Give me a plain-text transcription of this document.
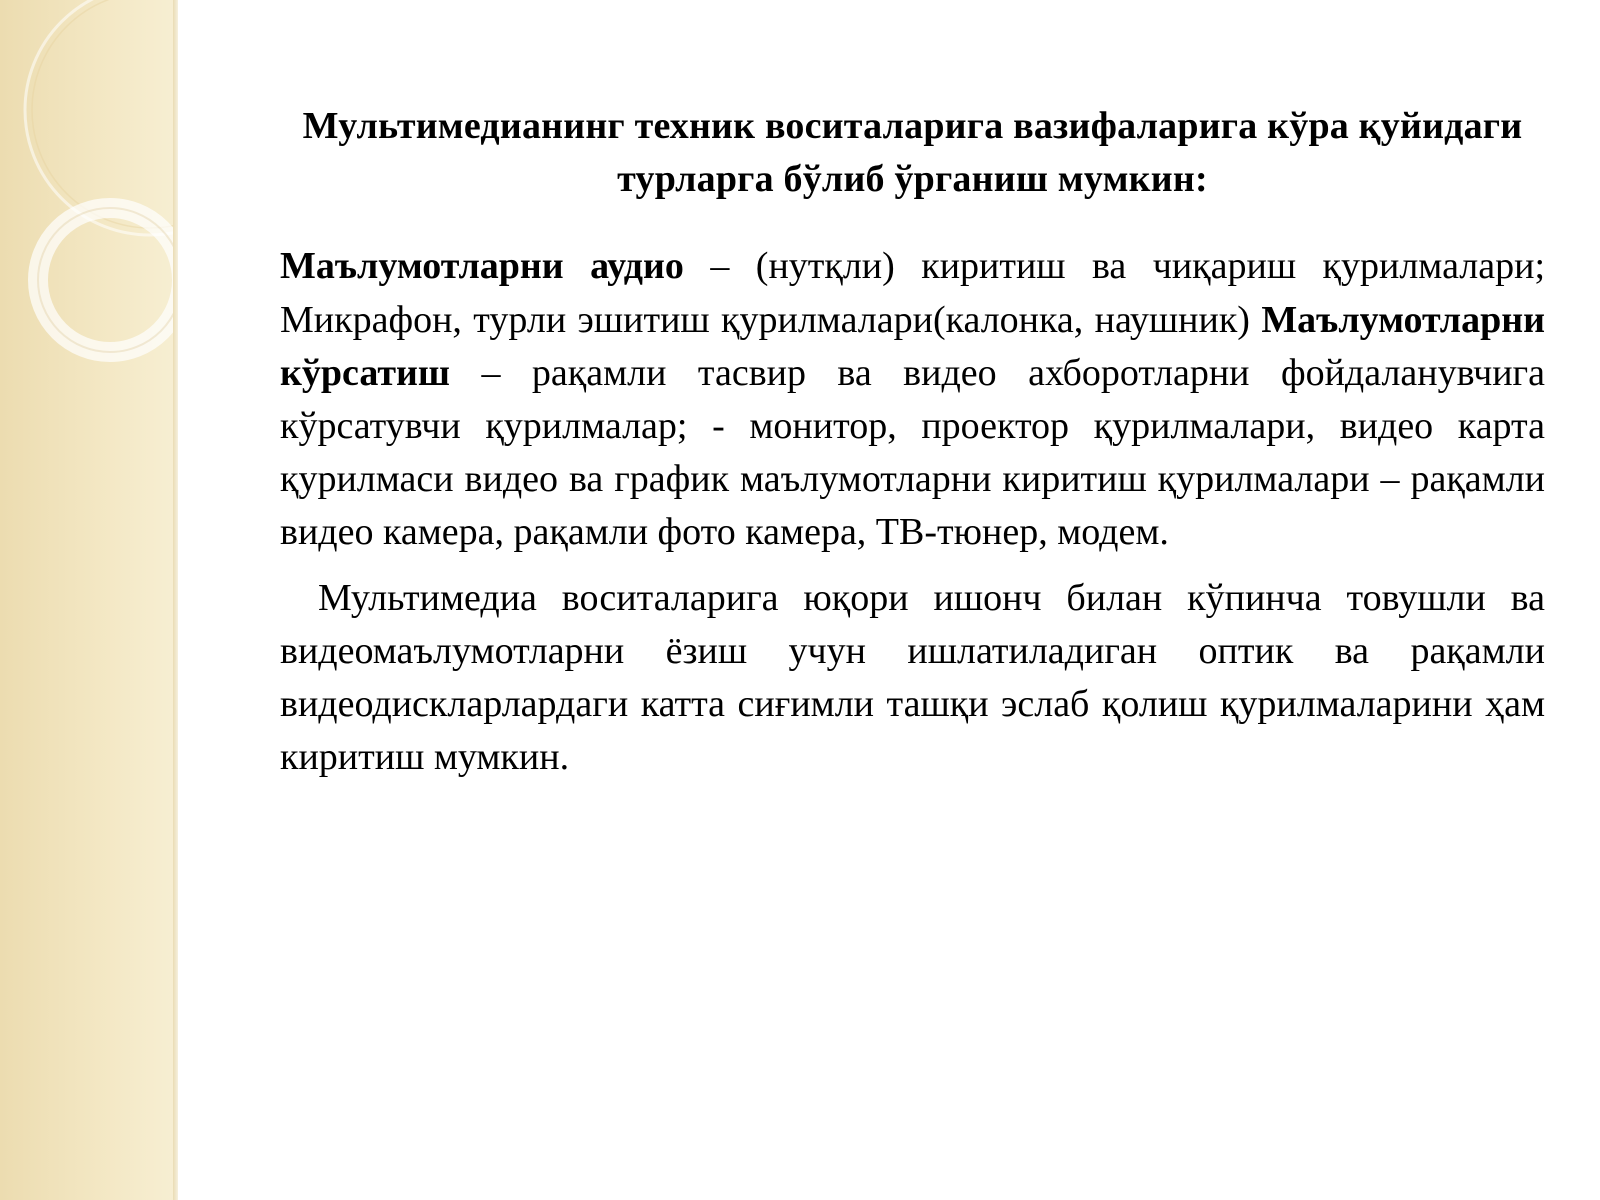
Мультимедианинг техник воситаларига вазифаларига кўра қуйидаги турларга бўлиб ўрганиш мумкин:

Маълумотларни аудио – (нутқли) киритиш ва чиқариш қурилмалари; Микрафон, турли эшитиш қурилмалари(калонка, наушник) Маълумотларни кўрсатиш – рақамли тасвир ва видео ахборотларни фойдаланувчига кўрсатувчи қурилмалар; - монитор, проектор қурилмалари, видео карта қурилмаси видео ва график маълумотларни киритиш қурилмалари – рақамли видео камера, рақамли фото камера, ТВ-тюнер, модем.

Мультимедиа воситаларига юқори ишонч билан кўпинча товушли ва видеомаълумотларни ёзиш учун ишлатиладиган оптик ва рақамли видеодискларлардаги катта сиғимли ташқи эслаб қолиш қурилмаларини ҳам киритиш мумкин.
